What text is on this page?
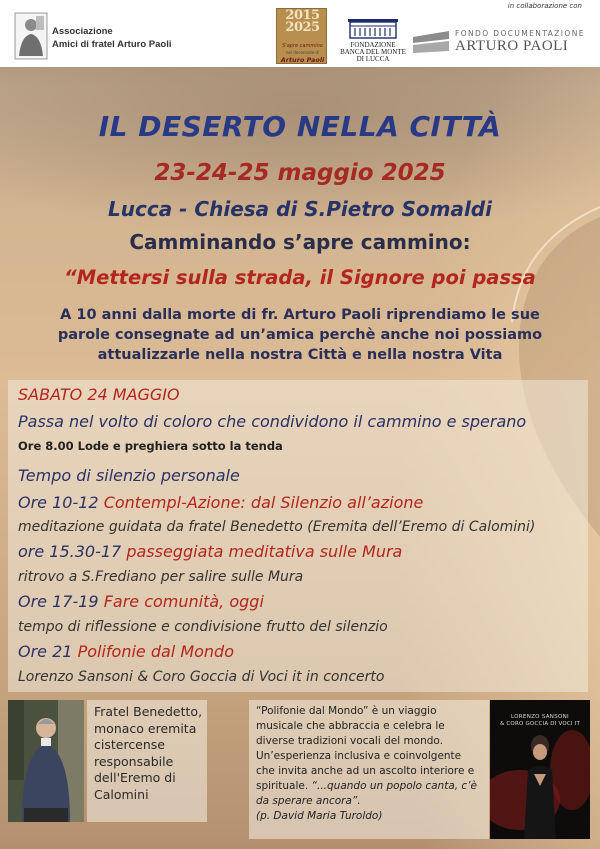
in collaborazione con
Associazione
Amici di fratel Arturo Paoli
2015 2025
S'apre cammino
nel decennale di
Arturo Paoli
FONDAZIONE
BANCA DEL MONTE
DI LUCCA
FONDO DOCUMENTAZIONE
ARTURO PAOLI
IL DESERTO NELLA CITTÀ
23-24-25 maggio 2025
Lucca - Chiesa di S.Pietro Somaldi
Camminando s’apre cammino:
“Mettersi sulla strada, il Signore poi passa
A 10 anni dalla morte di fr. Arturo Paoli riprendiamo le sue
parole consegnate ad un’amica perchè anche noi possiamo
attualizzarle nella nostra Città e nella nostra Vita
SABATO 24 MAGGIO
Passa nel volto di coloro che condividono il cammino e sperano
Ore 8.00 Lode e preghiera sotto la tenda
Tempo di silenzio personale
Ore 10-12 Contempl-Azione: dal Silenzio all’azione
meditazione guidata da fratel Benedetto (Eremita dell’Eremo di Calomini)
ore 15.30-17 passeggiata meditativa sulle Mura
ritrovo a S.Frediano per salire sulle Mura
Ore 17-19 Fare comunità, oggi
tempo di riflessione e condivisione frutto del silenzio
Ore 21 Polifonie dal Mondo
Lorenzo Sansoni & Coro Goccia di Voci it in concerto
Fratel Benedetto,
monaco eremita
cistercense
responsabile
dell'Eremo di
Calomini
“Polifonie dal Mondo” è un viaggio
musicale che abbraccia e celebra le
diverse tradizioni vocali del mondo.
Un’esperienza inclusiva e coinvolgente
che invita anche ad un ascolto interiore e
spirituale. “...quando un popolo canta, c’è
da sperare ancora”.
(p. David Maria Turoldo)
LORENZO SANSONI
& CORO GOCCIA DI VOCI IT
